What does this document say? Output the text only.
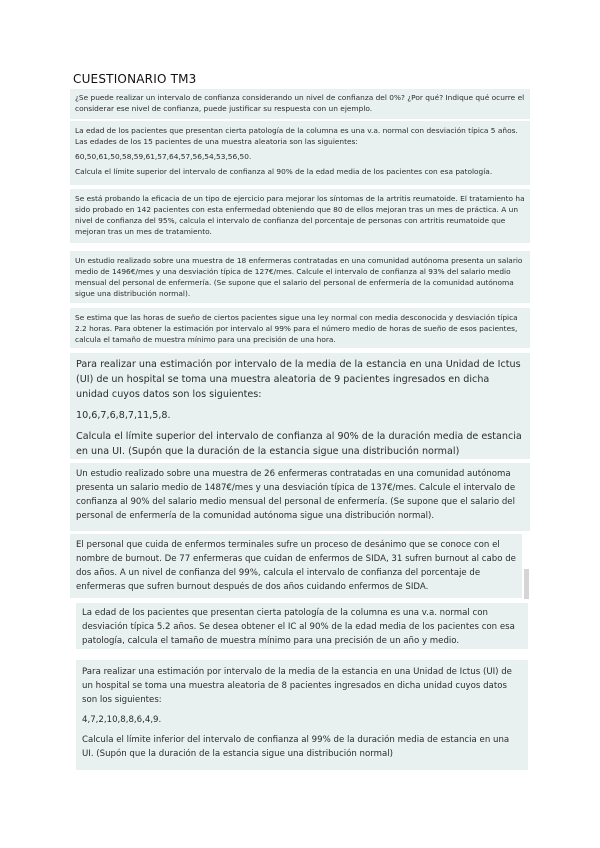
CUESTIONARIO TM3

¿Se puede realizar un intervalo de confianza considerando un nivel de confianza del 0%? ¿Por qué? Indique qué ocurre el considerar ese nivel de confianza, puede justificar su respuesta con un ejemplo.

La edad de los pacientes que presentan cierta patología de la columna es una v.a. normal con desviación típica 5 años. Las edades de los 15 pacientes de una muestra aleatoria son las siguientes:

60,50,61,50,58,59,61,57,64,57,56,54,53,56,50.

Calcula el límite superior del intervalo de confianza al 90% de la edad media de los pacientes con esa patología.

Se está probando la eficacia de un tipo de ejercicio para mejorar los síntomas de la artritis reumatoide. El tratamiento ha sido probado en 142 pacientes con esta enfermedad obteniendo que 80 de ellos mejoran tras un mes de práctica. A un nivel de confianza del 95%, calcula el intervalo de confianza del porcentaje de personas con artritis reumatoide que mejoran tras un mes de tratamiento.

Un estudio realizado sobre una muestra de 18 enfermeras contratadas en una comunidad autónoma presenta un salario medio de 1496€/mes y una desviación típica de 127€/mes. Calcule el intervalo de confianza al 93% del salario medio mensual del personal de enfermería. (Se supone que el salario del personal de enfermería de la comunidad autónoma sigue una distribución normal).

Se estima que las horas de sueño de ciertos pacientes sigue una ley normal con media desconocida y desviación típica 2.2 horas. Para obtener la estimación por intervalo al 99% para el número medio de horas de sueño de esos pacientes, calcula el tamaño de muestra mínimo para una precisión de una hora.

Para realizar una estimación por intervalo de la media de la estancia en una Unidad de Ictus (UI) de un hospital se toma una muestra aleatoria de 9 pacientes ingresados en dicha unidad cuyos datos son los siguientes:

10,6,7,6,8,7,11,5,8.

Calcula el límite superior del intervalo de confianza al 90% de la duración media de estancia en una UI. (Supón que la duración de la estancia sigue una distribución normal)

Un estudio realizado sobre una muestra de 26 enfermeras contratadas en una comunidad autónoma presenta un salario medio de 1487€/mes y una desviación típica de 137€/mes. Calcule el intervalo de confianza al 90% del salario medio mensual del personal de enfermería. (Se supone que el salario del personal de enfermería de la comunidad autónoma sigue una distribución normal).

El personal que cuida de enfermos terminales sufre un proceso de desánimo que se conoce con el nombre de burnout. De 77 enfermeras que cuidan de enfermos de SIDA, 31 sufren burnout al cabo de dos años. A un nivel de confianza del 99%, calcula el intervalo de confianza del porcentaje de enfermeras que sufren burnout después de dos años cuidando enfermos de SIDA.

La edad de los pacientes que presentan cierta patología de la columna es una v.a. normal con desviación típica 5.2 años. Se desea obtener el IC al 90% de la edad media de los pacientes con esa patología, calcula el tamaño de muestra mínimo para una precisión de un año y medio.

Para realizar una estimación por intervalo de la media de la estancia en una Unidad de Ictus (UI) de un hospital se toma una muestra aleatoria de 8 pacientes ingresados en dicha unidad cuyos datos son los siguientes:

4,7,2,10,8,8,6,4,9.

Calcula el límite inferior del intervalo de confianza al 99% de la duración media de estancia en una UI. (Supón que la duración de la estancia sigue una distribución normal)
